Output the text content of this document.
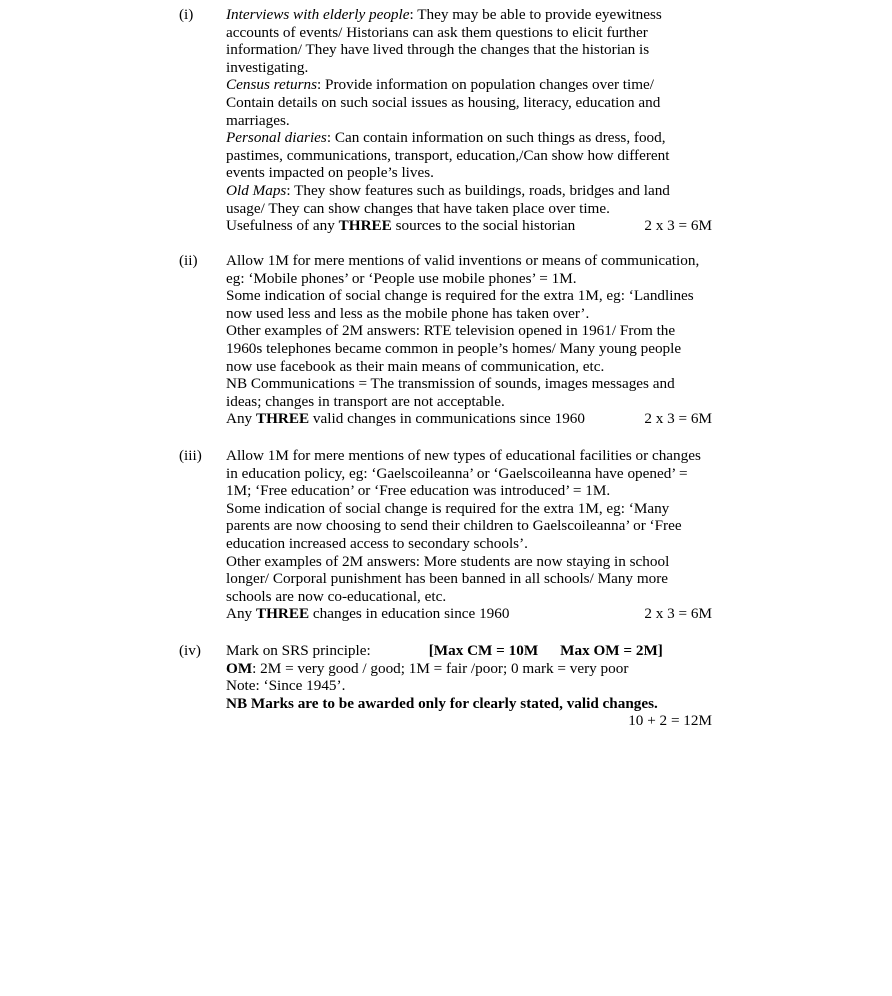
(i)	Interviews with elderly people: They may be able to provide eyewitness
accounts of events/ Historians can ask them questions to elicit further
information/ They have lived through the changes that the historian is
investigating.
Census returns: Provide information on population changes over time/
Contain details on such social issues as housing, literacy, education and
marriages.
Personal diaries: Can contain information on such things as dress, food,
pastimes, communications, transport, education,/Can show how different
events impacted on people’s lives.
Old Maps: They show features such as buildings, roads, bridges and land
usage/ They can show changes that have taken place over time.
Usefulness of any THREE sources to the social historian	2 x 3 = 6M
(ii)	Allow 1M for mere mentions of valid inventions or means of communication,
eg: ‘Mobile phones’ or ‘People use mobile phones’ = 1M.
Some indication of social change is required for the extra 1M, eg: ‘Landlines
now used less and less as the mobile phone has taken over’.
Other examples of 2M answers: RTE television opened in 1961/ From the
1960s telephones became common in people’s homes/ Many young people
now use facebook as their main means of communication, etc.
NB Communications = The transmission of sounds, images messages and
ideas; changes in transport are not acceptable.
Any THREE valid changes in communications since 1960	2 x 3 = 6M
(iii)	Allow 1M for mere mentions of new types of educational facilities or changes
in education policy, eg: ‘Gaelscoileanna’ or ‘Gaelscoileanna have opened’ =
1M; ‘Free education’ or ‘Free education was introduced’ = 1M.
Some indication of social change is required for the extra 1M, eg: ‘Many
parents are now choosing to send their children to Gaelscoileanna’ or ‘Free
education increased access to secondary schools’.
Other examples of 2M answers: More students are now staying in school
longer/ Corporal punishment has been banned in all schools/ Many more
schools are now co-educational, etc.
Any THREE changes in education since 1960	2 x 3 = 6M
(iv)	Mark on SRS principle:	[Max CM = 10M Max OM = 2M]
OM: 2M = very good / good; 1M = fair /poor; 0 mark = very poor
Note: ‘Since 1945’.
NB Marks are to be awarded only for clearly stated, valid changes.
10 + 2 = 12M
